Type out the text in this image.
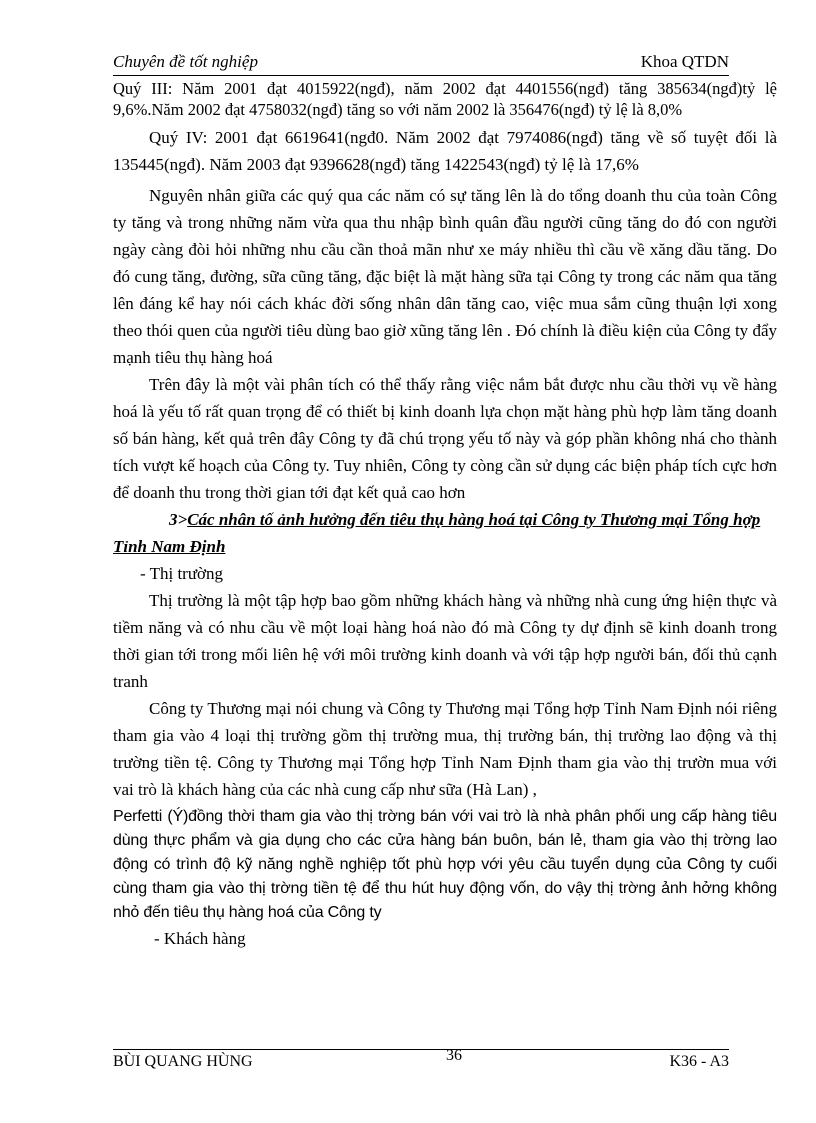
Chuyên đề tốt nghiệp	Khoa QTDN

Quý III: Năm 2001 đạt 4015922(ngđ), năm 2002 đạt 4401556(ngđ) tăng 385634(ngđ)tỷ lệ 9,6%.Năm 2002 đạt 4758032(ngđ) tăng so với năm 2002 là 356476(ngđ) tỷ lệ là 8,0%

Quý IV: 2001 đạt 6619641(ngđ0. Năm 2002 đạt 7974086(ngđ) tăng về số tuyệt đối là 135445(ngđ). Năm 2003 đạt 9396628(ngđ) tăng 1422543(ngđ) tỷ lệ là 17,6%

Nguyên nhân giữa các quý qua các năm có sự tăng lên là do tổng doanh thu của toàn Công ty tăng và trong những năm vừa qua thu nhập bình quân đầu người cũng tăng do đó con người ngày càng đòi hỏi những nhu cầu cần thoả mãn như xe máy nhiều thì cầu về xăng dầu tăng. Do đó cung tăng, đường, sữa cũng tăng, đặc biệt là mặt hàng sữa tại Công ty trong các năm qua tăng lên đáng kể hay nói cách khác đời sống nhân dân tăng cao, việc mua sắm cũng thuận lợi xong theo thói quen của người tiêu dùng bao giờ xũng tăng lên . Đó chính là điều kiện của Công ty đẩy mạnh tiêu thụ hàng hoá

Trên đây là một vài phân tích có thể thấy rằng việc nắm bắt được nhu cầu thời vụ về hàng hoá là yếu tố rất quan trọng để có thiết bị kinh doanh lựa chọn mặt hàng phù hợp làm tăng doanh số bán hàng, kết quả trên đây Công ty đã chú trọng yếu tố này và góp phần không nhá cho thành tích vượt kế hoạch của Công ty. Tuy nhiên, Công ty còng cần sử dụng các biện pháp tích cực hơn để doanh thu trong thời gian tới đạt kết quả cao hơn

3>Các nhân tố ảnh hưởng đến tiêu thụ hàng hoá tại Công ty Thương mại Tổng hợp Tỉnh Nam Định

- Thị trường

Thị trường là một tập hợp bao gồm những khách hàng và những nhà cung ứng hiện thực và tiềm năng và có nhu cầu về một loại hàng hoá nào đó mà Công ty dự định sẽ kinh doanh trong thời gian tới trong mối liên hệ với môi trường kinh doanh và với tập hợp người bán, đối thủ cạnh tranh

Công ty Thương mại nói chung và Công ty Thương mại Tổng hợp Tỉnh Nam Định nói riêng tham gia vào 4 loại thị trường gồm thị trường mua, thị trường bán, thị trường lao động và thị trường tiền tệ. Công ty Thương mại Tổng hợp Tỉnh Nam Định tham gia vào thị trườn mua với vai trò là khách hàng của các nhà cung cấp như sữa (Hà Lan) ,

Perfetti (Ý)đồng thời tham gia vào thị trờng bán với vai trò là nhà phân phối ung cấp hàng tiêu dùng thực phẩm và gia dụng cho các cửa hàng bán buôn, bán lẻ, tham gia vào thị trờng lao động có trình độ kỹ năng nghề nghiệp tốt phù hợp với yêu cầu tuyển dụng của Công ty cuối cùng tham gia vào thị trờng tiền tệ để thu hút huy động vốn, do vậy thị trờng ảnh hởng không nhỏ đến tiêu thụ hàng hoá của Công ty

- Khách hàng

BÙI QUANG HÙNG	36	K36 - A3
